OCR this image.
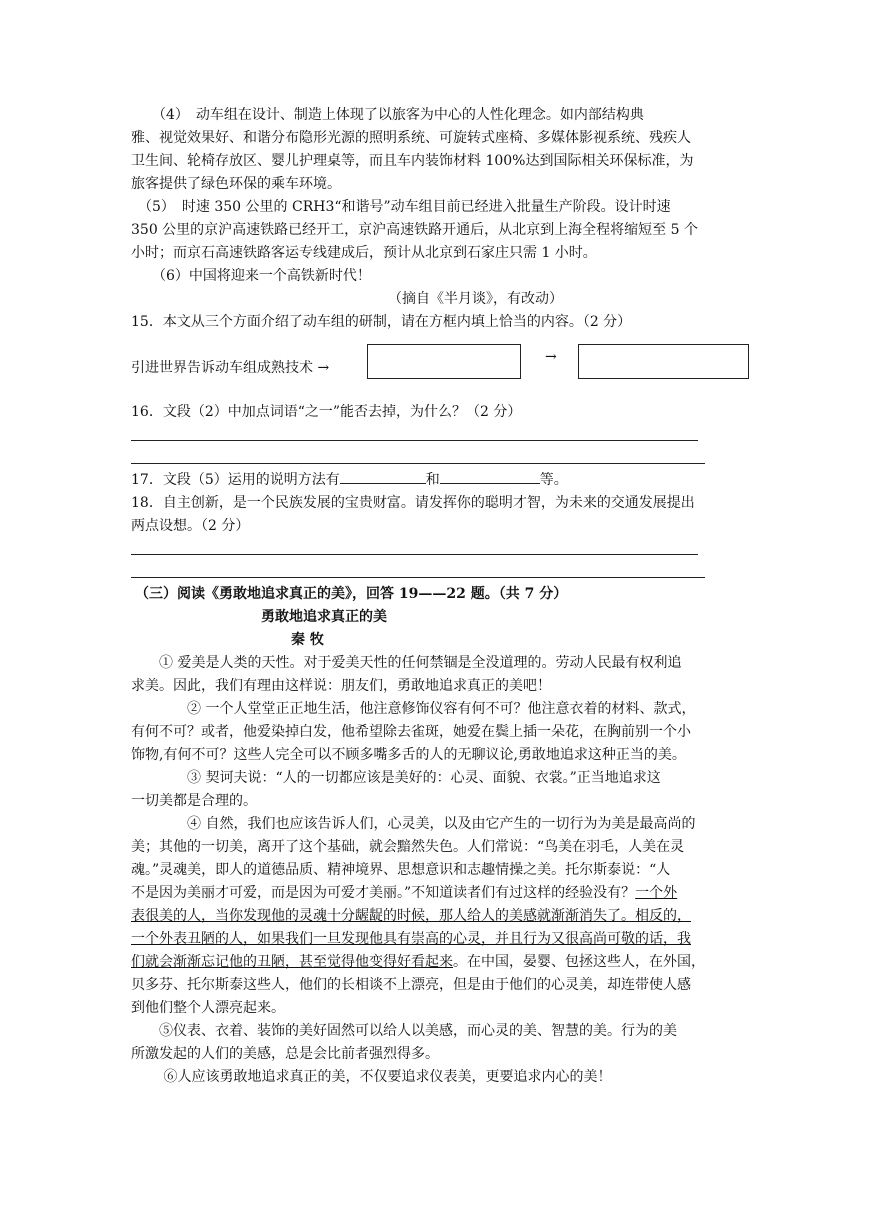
　　（4）　动车组在设计、制造上体现了以旅客为中心的人性化理念。如内部结构典
雅、视觉效果好、和谐分布隐形光源的照明系统、可旋转式座椅、多媒体影视系统、残疾人
卫生间、轮椅存放区、婴儿护理桌等，而且车内装饰材料 100%达到国际相关环保标准，为
旅客提供了绿色环保的乘车环境。
　（5）　时速 350 公里的 CRH3“和谐号”动车组目前已经进入批量生产阶段。设计时速
350 公里的京沪高速铁路已经开工，京沪高速铁路开通后，从北京到上海全程将缩短至 5 个
小时；而京石高速铁路客运专线建成后，预计从北京到石家庄只需 1 小时。
　　（6）中国将迎来一个高铁新时代！
（摘自《半月谈》，有改动）
15．本文从三个方面介绍了动车组的研制，请在方框内填上恰当的内容。（2 分）
引进世界告诉动车组成熟技术 →
→
16．文段（2）中加点词语“之一”能否去掉，为什么？（2 分）
17．文段（5）运用的说明方法有	和	等。
18．自主创新，是一个民族发展的宝贵财富。请发挥你的聪明才智，为未来的交通发展提出
两点设想。（2 分）
（三）阅读《勇敢地追求真正的美》，回答 19——22 题。（共 7 分）
勇敢地追求真正的美
秦 牧
　　① 爱美是人类的天性。对于爱美天性的任何禁锢是全没道理的。劳动人民最有权利追
求美。因此，我们有理由这样说：朋友们，勇敢地追求真正的美吧！
　　　　② 一个人堂堂正正地生活，他注意修饰仪容有何不可？他注意衣着的材料、款式，
有何不可？或者，他爱染掉白发，他希望除去雀斑，她爱在鬓上插一朵花，在胸前别一个小
饰物,有何不可？这些人完全可以不顾多嘴多舌的人的无聊议论,勇敢地追求这种正当的美。
　　　　③ 契诃夫说：“人的一切都应该是美好的：心灵、面貌、衣裳。”正当地追求这
一切美都是合理的。
　　　　④ 自然，我们也应该告诉人们，心灵美，以及由它产生的一切行为为美是最高尚的
美；其他的一切美，离开了这个基础，就会黯然失色。人们常说：“鸟美在羽毛，人美在灵
魂。”灵魂美，即人的道德品质、精神境界、思想意识和志趣情操之美。托尔斯泰说：“人
不是因为美丽才可爱，而是因为可爱才美丽。”不知道读者们有过这样的经验没有？一个外
表很美的人，当你发现他的灵魂十分龌龊的时候，那人给人的美感就渐渐消失了。相反的，
一个外表丑陋的人，如果我们一旦发现他具有崇高的心灵，并且行为又很高尚可敬的话，我
们就会渐渐忘记他的丑陋，甚至觉得他变得好看起来。在中国，晏婴、包拯这些人，在外国，
贝多芬、托尔斯泰这些人，他们的长相谈不上漂亮，但是由于他们的心灵美，却连带使人感
到他们整个人漂亮起来。
　　⑤仪表、衣着、装饰的美好固然可以给人以美感，而心灵的美、智慧的美。行为的美
所激发起的人们的美感，总是会比前者强烈得多。
　　 ⑥人应该勇敢地追求真正的美，不仅要追求仪表美，更要追求内心的美！
